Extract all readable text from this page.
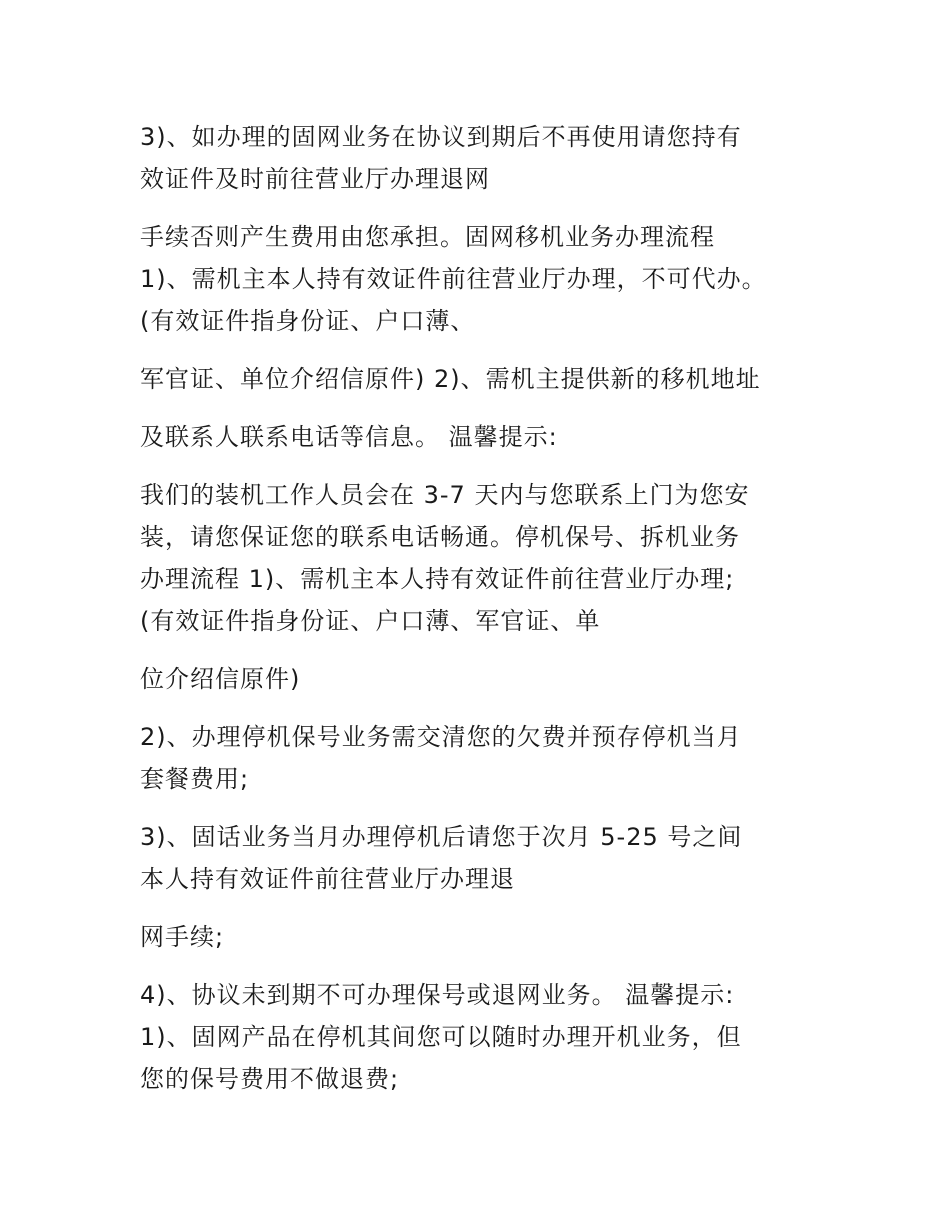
3)、如办理的固网业务在协议到期后不再使用请您持有
效证件及时前往营业厅办理退网
手续否则产生费用由您承担。固网移机业务办理流程
1)、需机主本人持有效证件前往营业厅办理，不可代办。
(有效证件指身份证、户口薄、
军官证、单位介绍信原件) 2)、需机主提供新的移机地址
及联系人联系电话等信息。 温馨提示:
我们的装机工作人员会在 3-7 天内与您联系上门为您安
装，请您保证您的联系电话畅通。停机保号、拆机业务
办理流程 1)、需机主本人持有效证件前往营业厅办理;
(有效证件指身份证、户口薄、军官证、单
位介绍信原件)
2)、办理停机保号业务需交清您的欠费并预存停机当月
套餐费用;
3)、固话业务当月办理停机后请您于次月 5-25 号之间
本人持有效证件前往营业厅办理退
网手续;
4)、协议未到期不可办理保号或退网业务。 温馨提示:
1)、固网产品在停机其间您可以随时办理开机业务，但
您的保号费用不做退费;
